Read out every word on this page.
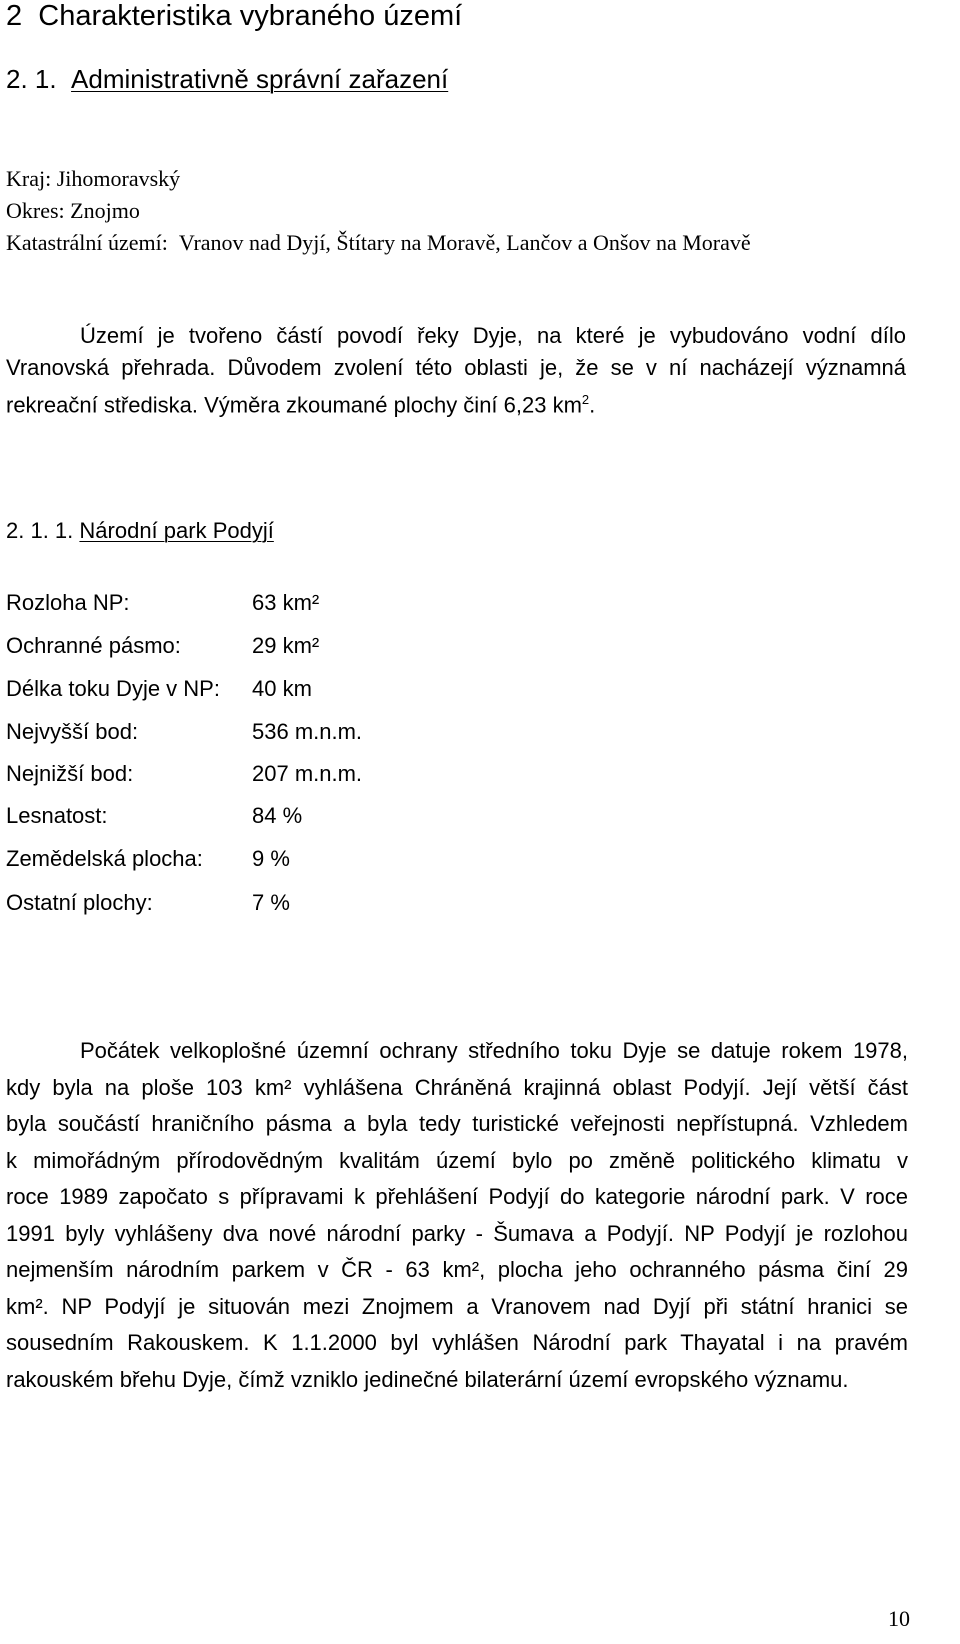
2 Charakteristika vybraného území
2. 1. Administrativně správní zařazení
Kraj: Jihomoravský
Okres: Znojmo
Katastrální území: Vranov nad Dyjí, Štítary na Moravě, Lančov a Onšov na Moravě
Území je tvořeno částí povodí řeky Dyje, na které je vybudováno vodní dílo
Vranovská přehrada. Důvodem zvolení této oblasti je, že se v ní nacházejí významná
rekreační střediska. Výměra zkoumané plochy činí 6,23 $km^2$.
2. 1. 1. Národní park Podyjí
Rozloha NP:	63 km²
Ochranné pásmo:	29 km²
Délka toku Dyje v NP: 40 km
Nejvyšší bod:	536 m.n.m.
Nejnižší bod:	207 m.n.m.
Lesnatost:	84 %
Zemědelská plocha: 9 %
Ostatní plochy:	7 %
Počátek velkoplošné územní ochrany středního toku Dyje se datuje rokem 1978,
kdy byla na ploše 103 km² vyhlášena Chráněná krajinná oblast Podyjí. Její větší část
byla součástí hraničního pásma a byla tedy turistické veřejnosti nepřístupná. Vzhledem
k mimořádným přírodovědným kvalitám území bylo po změně politického klimatu v
roce 1989 započato s přípravami k přehlášení Podyjí do kategorie národní park. V roce
1991 byly vyhlášeny dva nové národní parky - Šumava a Podyjí. NP Podyjí je rozlohou
nejmenším národním parkem v ČR - 63 km², plocha jeho ochranného pásma činí 29
km². NP Podyjí je situován mezi Znojmem a Vranovem nad Dyjí při státní hranici se
sousedním Rakouskem. K 1.1.2000 byl vyhlášen Národní park Thayatal i na pravém
rakouském břehu Dyje, čímž vzniklo jedinečné bilaterární území evropského významu.
10
